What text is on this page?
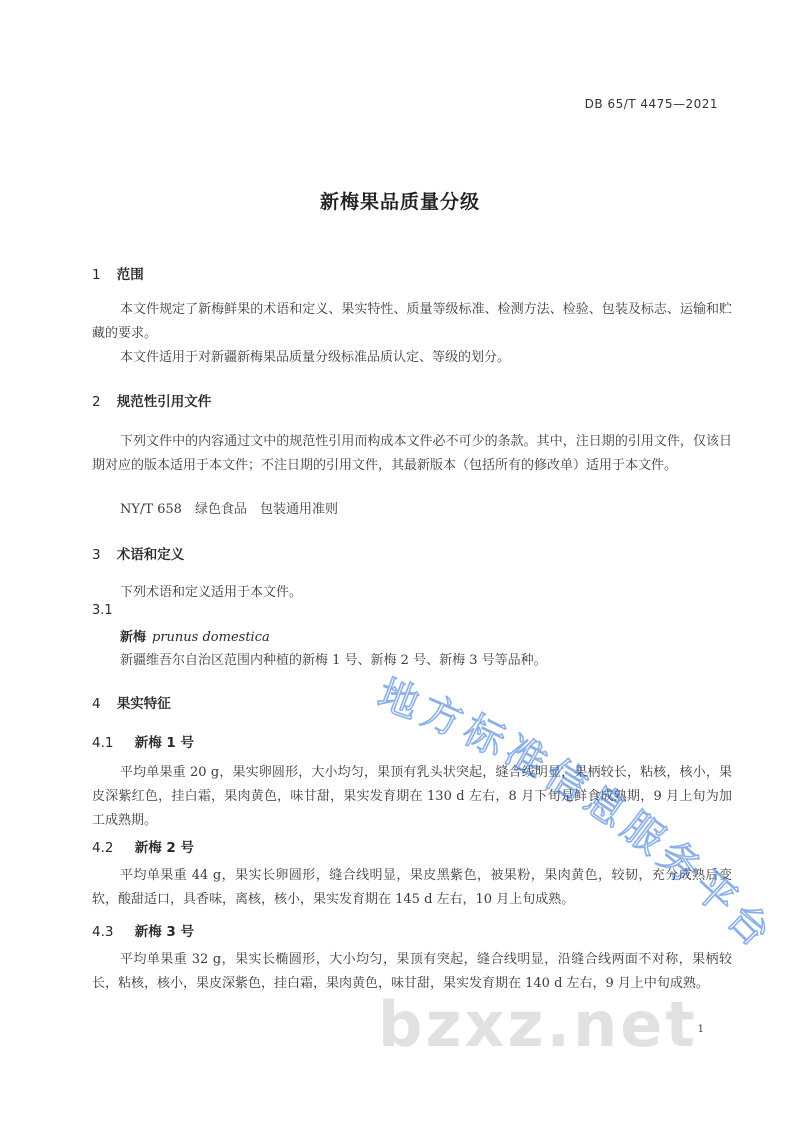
DB 65/T 4475—2021
新梅果品质量分级
1 范围
本文件规定了新梅鲜果的术语和定义、果实特性、质量等级标准、检测方法、检验、包装及标志、运输和贮藏的要求。
本文件适用于对新疆新梅果品质量分级标准品质认定、等级的划分。
2 规范性引用文件
下列文件中的内容通过文中的规范性引用而构成本文件必不可少的条款。其中，注日期的引用文件，仅该日期对应的版本适用于本文件；不注日期的引用文件，其最新版本（包括所有的修改单）适用于本文件。
NY/T 658　绿色食品　包装通用准则
3 术语和定义
下列术语和定义适用于本文件。
3.1
新梅 prunus domestica
新疆维吾尔自治区范围内种植的新梅 1 号、新梅 2 号、新梅 3 号等品种。
4 果实特征
4.1 新梅 1 号
平均单果重 20 g，果实卵圆形，大小均匀，果顶有乳头状突起，缝合线明显，果柄较长，粘核，核小，果皮深紫红色，挂白霜，果肉黄色，味甘甜，果实发育期在 130 d 左右，8 月下旬是鲜食成熟期，9 月上旬为加工成熟期。
4.2 新梅 2 号
平均单果重 44 g，果实长卵圆形，缝合线明显，果皮黑紫色，被果粉，果肉黄色，较韧，充分成熟后变软，酸甜适口，具香味，离核，核小，果实发育期在 145 d 左右，10 月上旬成熟。
4.3 新梅 3 号
平均单果重 32 g，果实长椭圆形，大小均匀，果顶有突起，缝合线明显，沿缝合线两面不对称，果柄较长，粘核，核小，果皮深紫色，挂白霜，果肉黄色，味甘甜，果实发育期在 140 d 左右，9 月上中旬成熟。
1
地方标准信息服务平台
bzxz.net
